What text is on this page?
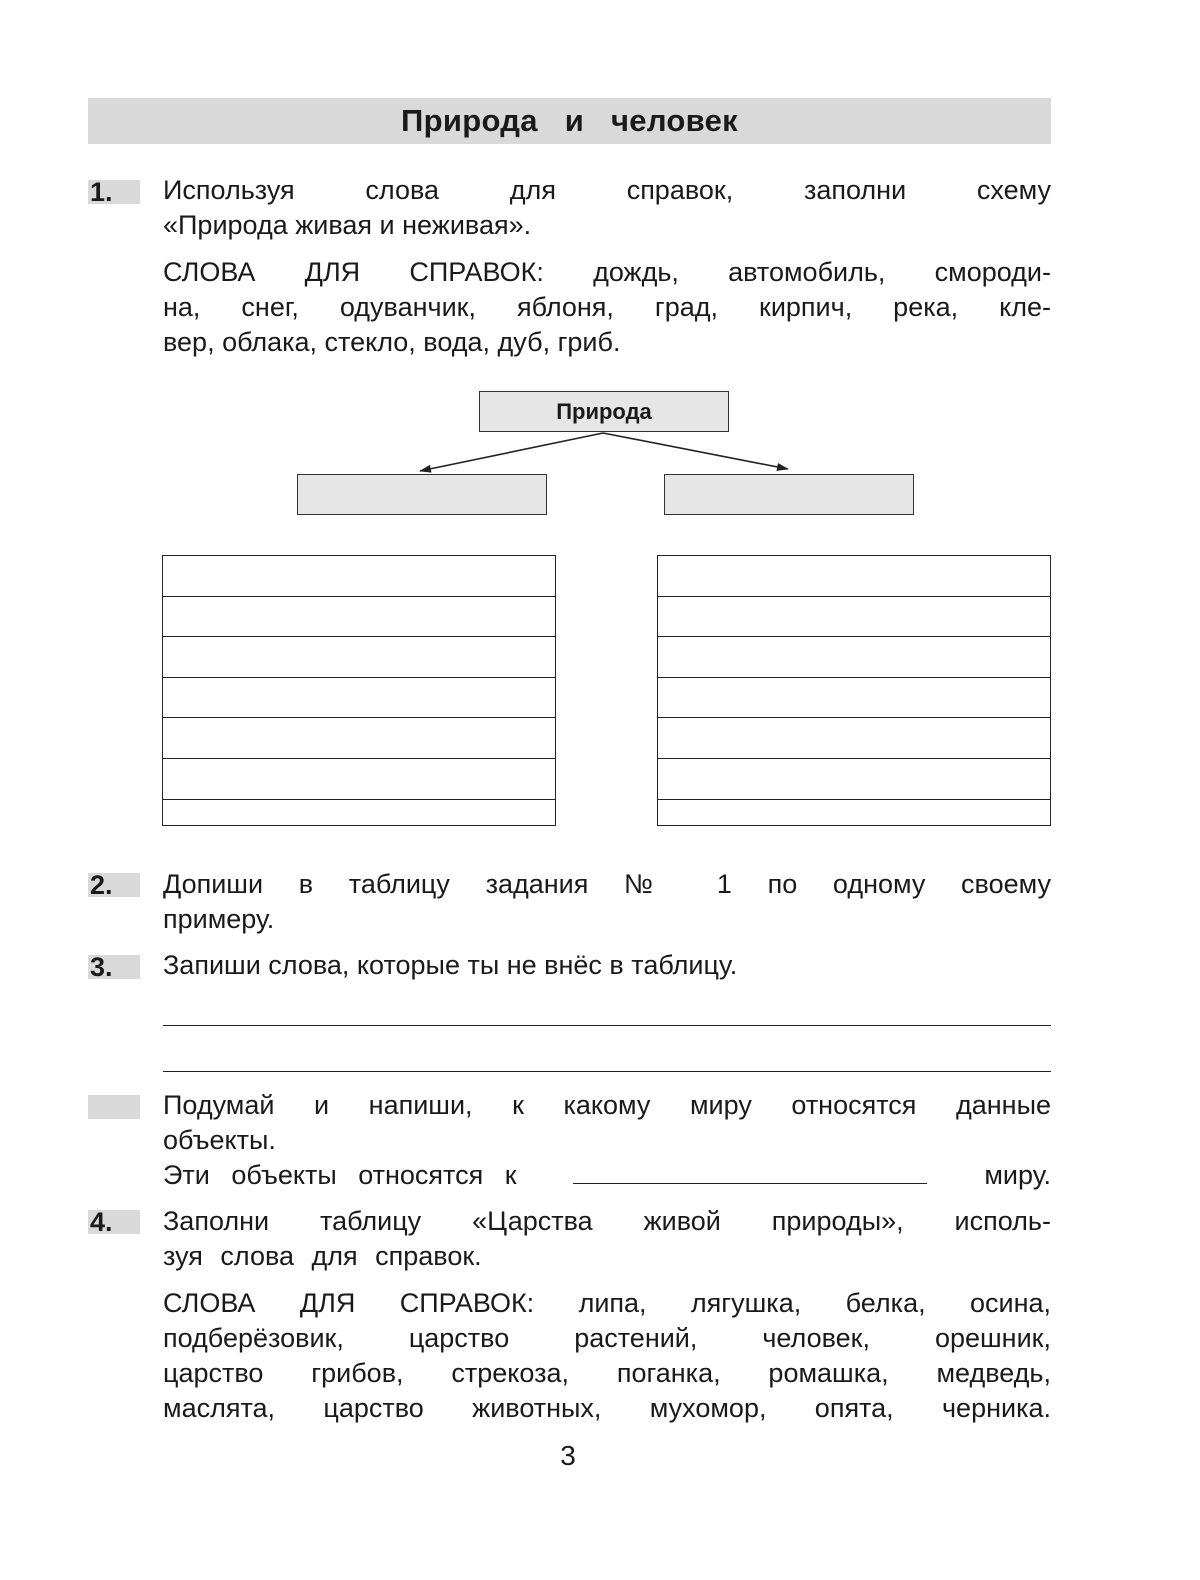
Природа и человек
1.	Используя слова для справок, заполни схему
«Природа живая и неживая».
СЛОВА ДЛЯ СПРАВОК: дождь, автомобиль, смороди-
на, снег, одуванчик, яблоня, град, кирпич, река, кле-
вер, облака, стекло, вода, дуб, гриб.
Природа
2.	Допиши в таблицу задания № 1 по одному своему
примеру.
3.	Запиши слова, которые ты не внёс в таблицу.
Подумай и напиши, к какому миру относятся данные
объекты.
Эти объекты относятся к	миру.
4.	Заполни таблицу «Царства живой природы», исполь-
зуя слова для справок.
СЛОВА ДЛЯ СПРАВОК: липа, лягушка, белка, осина,
подберёзовик, царство растений, человек, орешник,
царство грибов, стрекоза, поганка, ромашка, медведь,
маслята, царство животных, мухомор, опята, черника.
3
